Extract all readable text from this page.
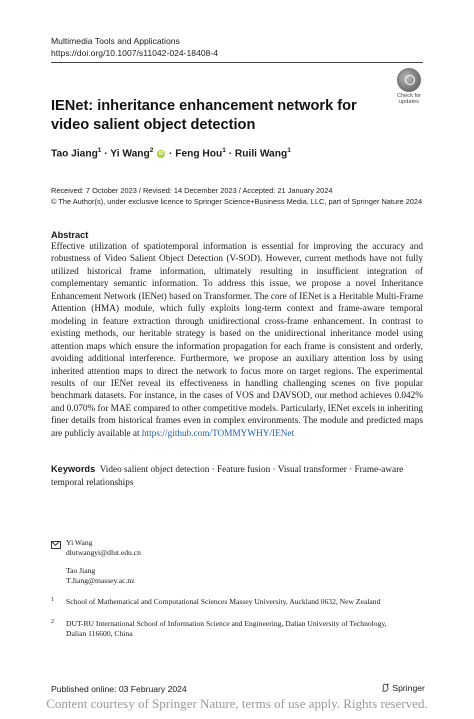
Multimedia Tools and Applications
https://doi.org/10.1007/s11042-024-18408-4
Check for
updates
IENet: inheritance enhancement network for video salient object detection
Tao Jiang$^1$ · Yi Wang$^2$ iD · Feng Hou$^1$ · Ruili Wang$^1$
Received: 7 October 2023 / Revised: 14 December 2023 / Accepted: 21 January 2024
© The Author(s), under exclusive licence to Springer Science+Business Media, LLC, part of Springer Nature 2024
Abstract
Effective utilization of spatiotemporal information is essential for improving the accuracy and robustness of Video Salient Object Detection (V-SOD). However, current methods have not fully utilized historical frame information, ultimately resulting in insufficient integration of complementary semantic information. To address this issue, we propose a novel Inheritance Enhancement Network (IENet) based on Transformer. The core of IENet is a Heritable Multi-Frame Attention (HMA) module, which fully exploits long-term context and frame-aware temporal modeling in feature extraction through unidirectional cross-frame enhancement. In contrast to existing methods, our heritable strategy is based on the unidirectional inheritance model using attention maps which ensure the information propagation for each frame is consistent and orderly, avoiding additional interference. Furthermore, we propose an auxiliary attention loss by using inherited attention maps to direct the network to focus more on target regions. The experimental results of our IENet reveal its effectiveness in handling challenging scenes on five popular benchmark datasets. For instance, in the cases of VOS and DAVSOD, our method achieves 0.042% and 0.070% for MAE compared to other competitive models. Particularly, IENet excels in inheriting finer details from historical frames even in complex environments. The module and predicted maps are publicly available at https://github.com/TOMMYWHY/IENet
Keywords Video salient object detection · Feature fusion · Visual transformer · Frame-aware temporal relationships
Yi Wang
dlutwangyi@dlut.edu.cn
Tao Jiang
T.Jiang@massey.ac.nz
1 School of Mathematical and Computational Sciences Massey University, Auckland 0632, New Zealand
2 DUT-RU International School of Information Science and Engineering, Dalian University of Technology, Dalian 116600, China
Published online: 03 February 2024	Springer
Content courtesy of Springer Nature, terms of use apply. Rights reserved.
